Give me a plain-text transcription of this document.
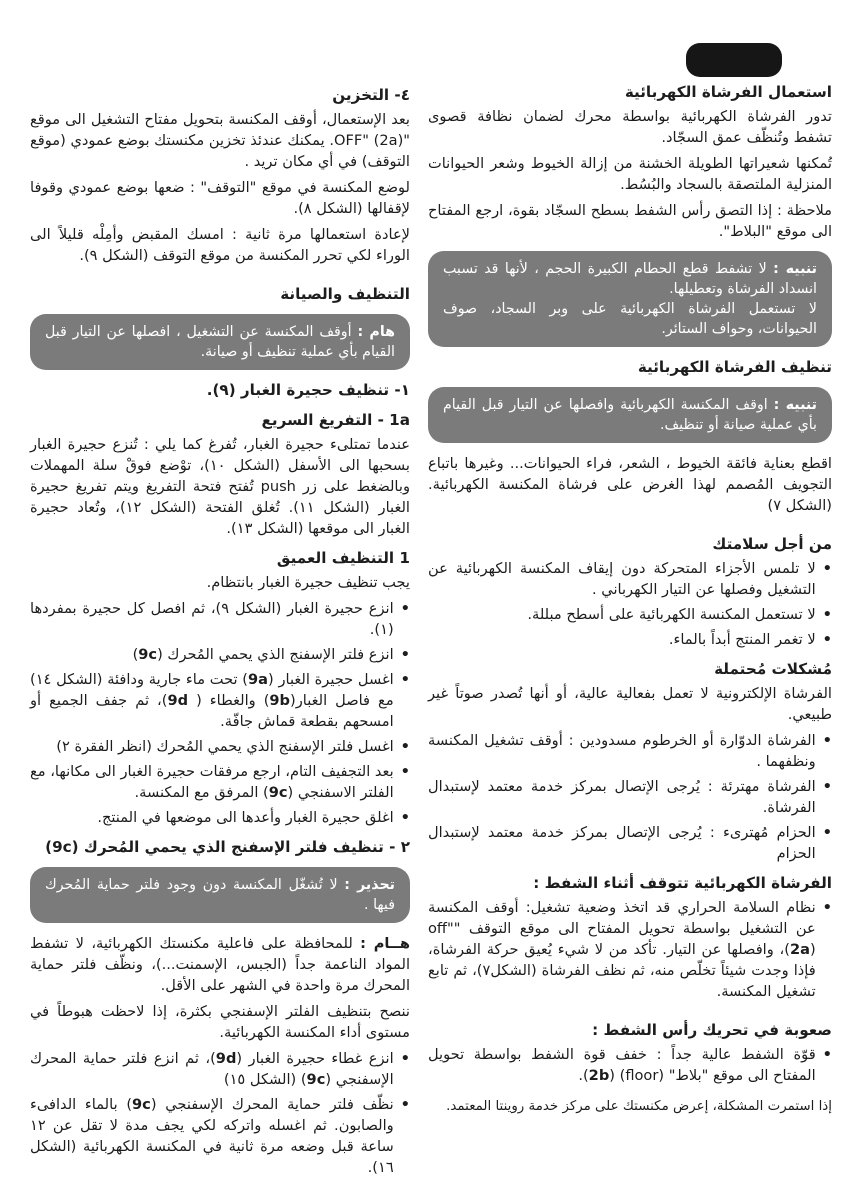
استعمال الفرشاة الكهربائية
تدور الفرشاة الكهربائية بواسطة محرك لضمان نظافة قصوى تشفط وتُنظّف عمق السجّاد.
تُمكنها شعيراتها الطويلة الخشنة من إزالة الخيوط وشعر الحيوانات المنزلية الملتصقة بالسجاد والبُسُط.
ملاحظة : إذا التصق رأس الشفط بسطح السجّاد بقوة، ارجع المفتاح الى موقع "البلاط".
تنبيه : لا تشفط قطع الحطام الكبيرة الحجم ، لأنها قد تسبب انسداد الفرشاة وتعطيلها.
لا تستعمل الفرشاة الكهربائية على وبر السجاد، صوف الحيوانات، وحواف الستائر.
تنظيف الفرشاة الكهربائية
تنبيه : اوقف المكنسة الكهربائية وافصلها عن التيار قبل القيام بأي عملية صيانة أو تنظيف.
اقطع بعناية فائقة الخيوط ، الشعر، فراء الحيوانات... وغيرها باتباع التجويف المُصمم لهذا الغرض على فرشاة المكنسة الكهربائية. (الشكل ٧)
من أجل سلامتك
•
لا تلمس الأجزاء المتحركة دون إيقاف المكنسة الكهربائية عن التشغيل وفصلها عن التيار الكهرباني .
•
لا تستعمل المكنسة الكهربائية على أسطح مبللة.
•
لا تغمر المنتج أبداً بالماء.
مُشكلات مُحتملة
الفرشاة الإلكترونية لا تعمل بفعالية عالية، أو أنها تُصدر صوتاً غير طبيعي.
•
الفرشاة الدوّارة أو الخرطوم مسدودين : أوقف تشغيل المكنسة ونظفهما .
•
الفرشاة مهترئة : يُرجى الإتصال بمركز خدمة معتمد لإستبدال الفرشاة.
•
الحزام مُهترىء : يُرجى الإتصال بمركز خدمة معتمد لإستبدال الحزام
الفرشاة الكهربائية تتوقف أثناء الشفط :
•
نظام السلامة الحراري قد اتخذ وضعية تشغيل: أوقف المكنسة عن التشغيل بواسطة تحويل المفتاح الى موقع التوقف "off"(2a)، وافصلها عن التيار. تأكد من لا شيء يُعيق حركة الفرشاة، فإذا وجدت شيئاً تخلّص منه، ثم نظف الفرشاة (الشكل٧)، ثم تابع تشغيل المكنسة.
صعوبة في تحريك رأس الشفط :
•
قوّة الشفط عالية جداً : خفف قوة الشفط بواسطة تحويل المفتاح الى موقع "بلاط" (floor) (2b).
إذا استمرت المشكلة، إعرض مكنستك على مركز خدمة روينتا المعتمد.
٤- التخزين
بعد الإستعمال، أوقف المكنسة بتحويل مفتاح التشغيل الى موقع "OFF" (2a). يمكنك عندئذ تخزين مكنستك بوضع عمودي (موقع التوقف) في أي مكان تريد .
لوضع المكنسة في موقع "التوقف" : ضعها بوضع عمودي وقوفا لإقفالها (الشكل ٨).
لإعادة استعمالها مرة ثانية : امسك المقبض وأمِلْه قليلاً الى الوراء لكي تحرر المكنسة من موقع التوقف (الشكل ٩).
التنظيف والصيانة
هام : أوقف المكنسة عن التشغيل ، افصلها عن التيار قبل القيام بأي عملية تنظيف أو صيانة.
١- تنظيف حجيرة الغبار (٩).
1a - التفريغ السريع
عندما تمتلىء حجيرة الغبار، تُفرغ كما يلي : تُنزع حجيرة الغبار بسحبها الى الأسفل (الشكل ١٠)، توْضع فوقْ سلة المهملات وبالضغط على زر push تُفتح فتحة التفريغ ويتم تفريغ حجيرة الغبار (الشكل ١١). تُغلق الفتحة (الشكل ١٢)، وتُعاد حجيرة الغبار الى موقعها (الشكل ١٣).
1 التنظيف العميق
يجب تنظيف حجيرة الغبار بانتظام.
•
انزع حجيرة الغبار (الشكل ٩)، ثم افصل كل حجيرة بمفردها (١).
•
انزع فلتر الإسفنج الذي يحمي المُحرك (9c)
•
اغسل حجيرة الغبار (9a) تحت ماء جارية ودافئة (الشكل ١٤) مع فاصل الغبار(9b) والغطاء ( 9d)، ثم جفف الجميع أو امسحهم بقطعة قماش جافّة.
•
اغسل فلتر الإسفنج الذي يحمي المُحرك (انظر الفقرة ٢)
•
بعد التجفيف التام، ارجع مرفقات حجيرة الغبار الى مكانها، مع الفلتر الاسفنجي (9c) المرفق مع المكنسة.
•
اغلق حجيرة الغبار وأعدها الى موضعها في المنتج.
٢ - تنظيف فلتر الإسفنج الذي يحمي المُحرك (9c)
تحذير : لا تُشغّل المكنسة دون وجود فلتر حماية المُحرك فيها .
هــام : للمحافظة على فاعلية مكنستك الكهربائية، لا تشفط المواد الناعمة جداً (الجبس، الإسمنت...)، ونظّف فلتر حماية المحرك مرة واحدة في الشهر على الأقل.
ننصح بتنظيف الفلتر الإسفنجي بكثرة، إذا لاحظت هبوطاً في مستوى أداء المكنسة الكهربائية.
•
انزع غطاء حجيرة الغبار (9d)، ثم انزع فلتر حماية المحرك الإسفنجي (9c) (الشكل ١٥)
•
نظّف فلتر حماية المحرك الإسفنجي (9c) بالماء الدافىء والصابون. ثم اغسله واتركه لكي يجف مدة لا تقل عن ١٢ ساعة قبل وضعه مرة ثانية في المكنسة الكهربائية (الشكل ١٦).
